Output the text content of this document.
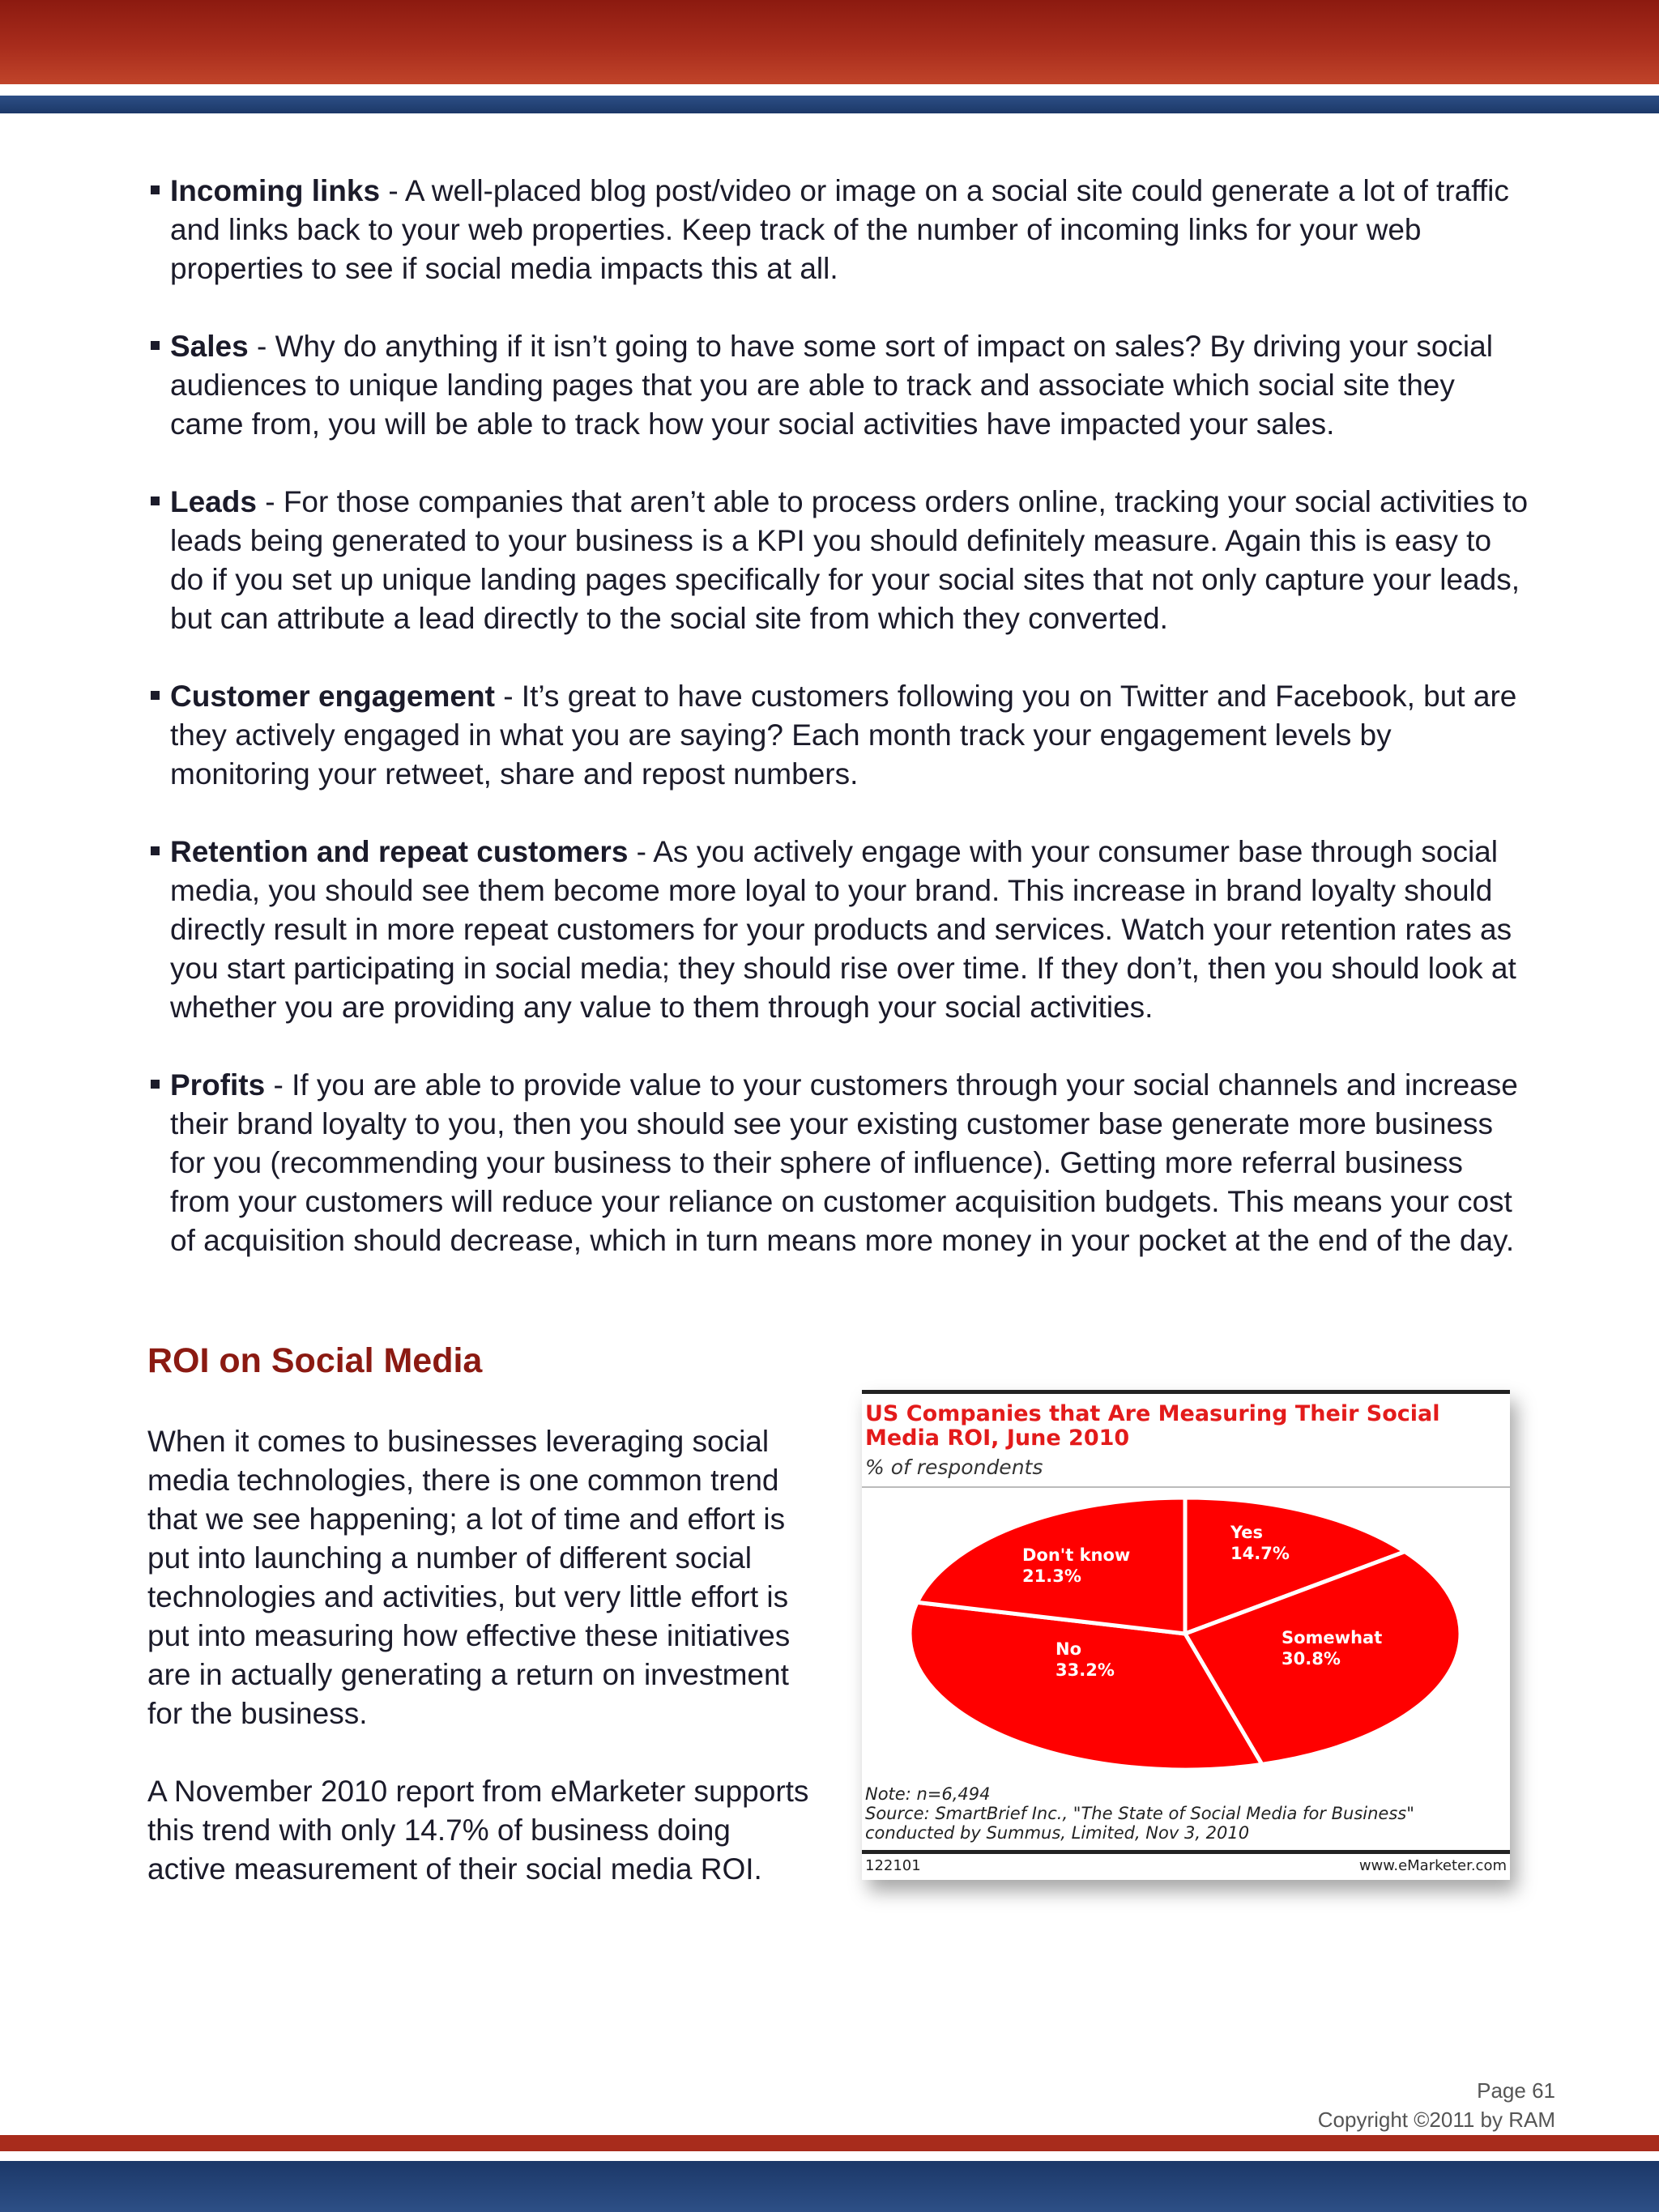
Incoming links - A well-placed blog post/video or image on a social site could generate a lot of traffic and links back to your web properties. Keep track of the number of incoming links for your web properties to see if social media impacts this at all.
Sales - Why do anything if it isn’t going to have some sort of impact on sales? By driving your social audiences to unique landing pages that you are able to track and associate which social site they came from, you will be able to track how your social activities have impacted your sales.
Leads - For those companies that aren’t able to process orders online, tracking your social activities to leads being generated to your business is a KPI you should definitely measure. Again this is easy to do if you set up unique landing pages specifically for your social sites that not only capture your leads, but can attribute a lead directly to the social site from which they converted.
Customer engagement - It’s great to have customers following you on Twitter and Facebook, but are they actively engaged in what you are saying? Each month track your engagement levels by monitoring your retweet, share and repost numbers.
Retention and repeat customers - As you actively engage with your consumer base through social media, you should see them become more loyal to your brand. This increase in brand loyalty should directly result in more repeat customers for your products and services. Watch your retention rates as you start participating in social media; they should rise over time. If they don’t, then you should look at whether you are providing any value to them through your social activities.
Profits - If you are able to provide value to your customers through your social channels and increase their brand loyalty to you, then you should see your existing customer base generate more business for you (recommending your business to their sphere of influence). Getting more referral business from your customers will reduce your reliance on customer acquisition budgets. This means your cost of acquisition should decrease, which in turn means more money in your pocket at the end of the day.
ROI on Social Media

When it comes to businesses leveraging social media technologies, there is one common trend that we see happening; a lot of time and effort is put into launching a number of different social technologies and activities, but very little effort is put into measuring how effective these initiatives are in actually generating a return on investment for the business.

A November 2010 report from eMarketer supports this trend with only 14.7% of business doing active measurement of their social media ROI.

US Companies that Are Measuring Their Social Media ROI, June 2010
% of respondents
Yes
14.7%
Somewhat
30.8%
No
33.2%
Don't know
21.3%
Note: n=6,494
Source: SmartBrief Inc., "The State of Social Media for Business" conducted by Summus, Limited, Nov 3, 2010
122101	www.eMarketer.com
Page 61
Copyright ©2011 by RAM
